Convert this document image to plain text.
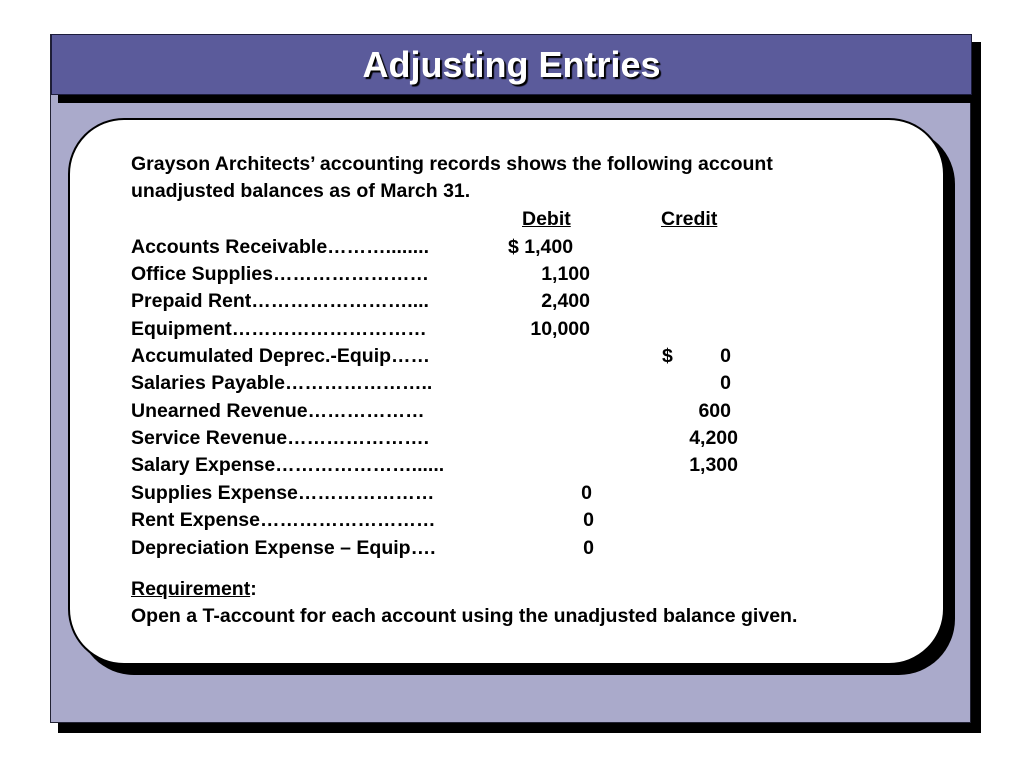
Adjusting Entries
Grayson Architects’ accounting records shows the following account
unadjusted balances as of March 31.
Debit	Credit
Accounts Receivable………........
Office Supplies……………………
Prepaid Rent……………………....
Equipment…………………………
Accumulated Deprec.-Equip……
Salaries Payable…………………..
Unearned Revenue………………
Service Revenue………………….
Salary Expense…………………......
Supplies Expense…………………
Rent Expense………………………
Depreciation Expense – Equip….
$ 1,400
1,100
2,400
10,000
0
0
0
$	0
0
600
4,200
1,300
Requirement:
Open a T-account for each account using the unadjusted balance given.
